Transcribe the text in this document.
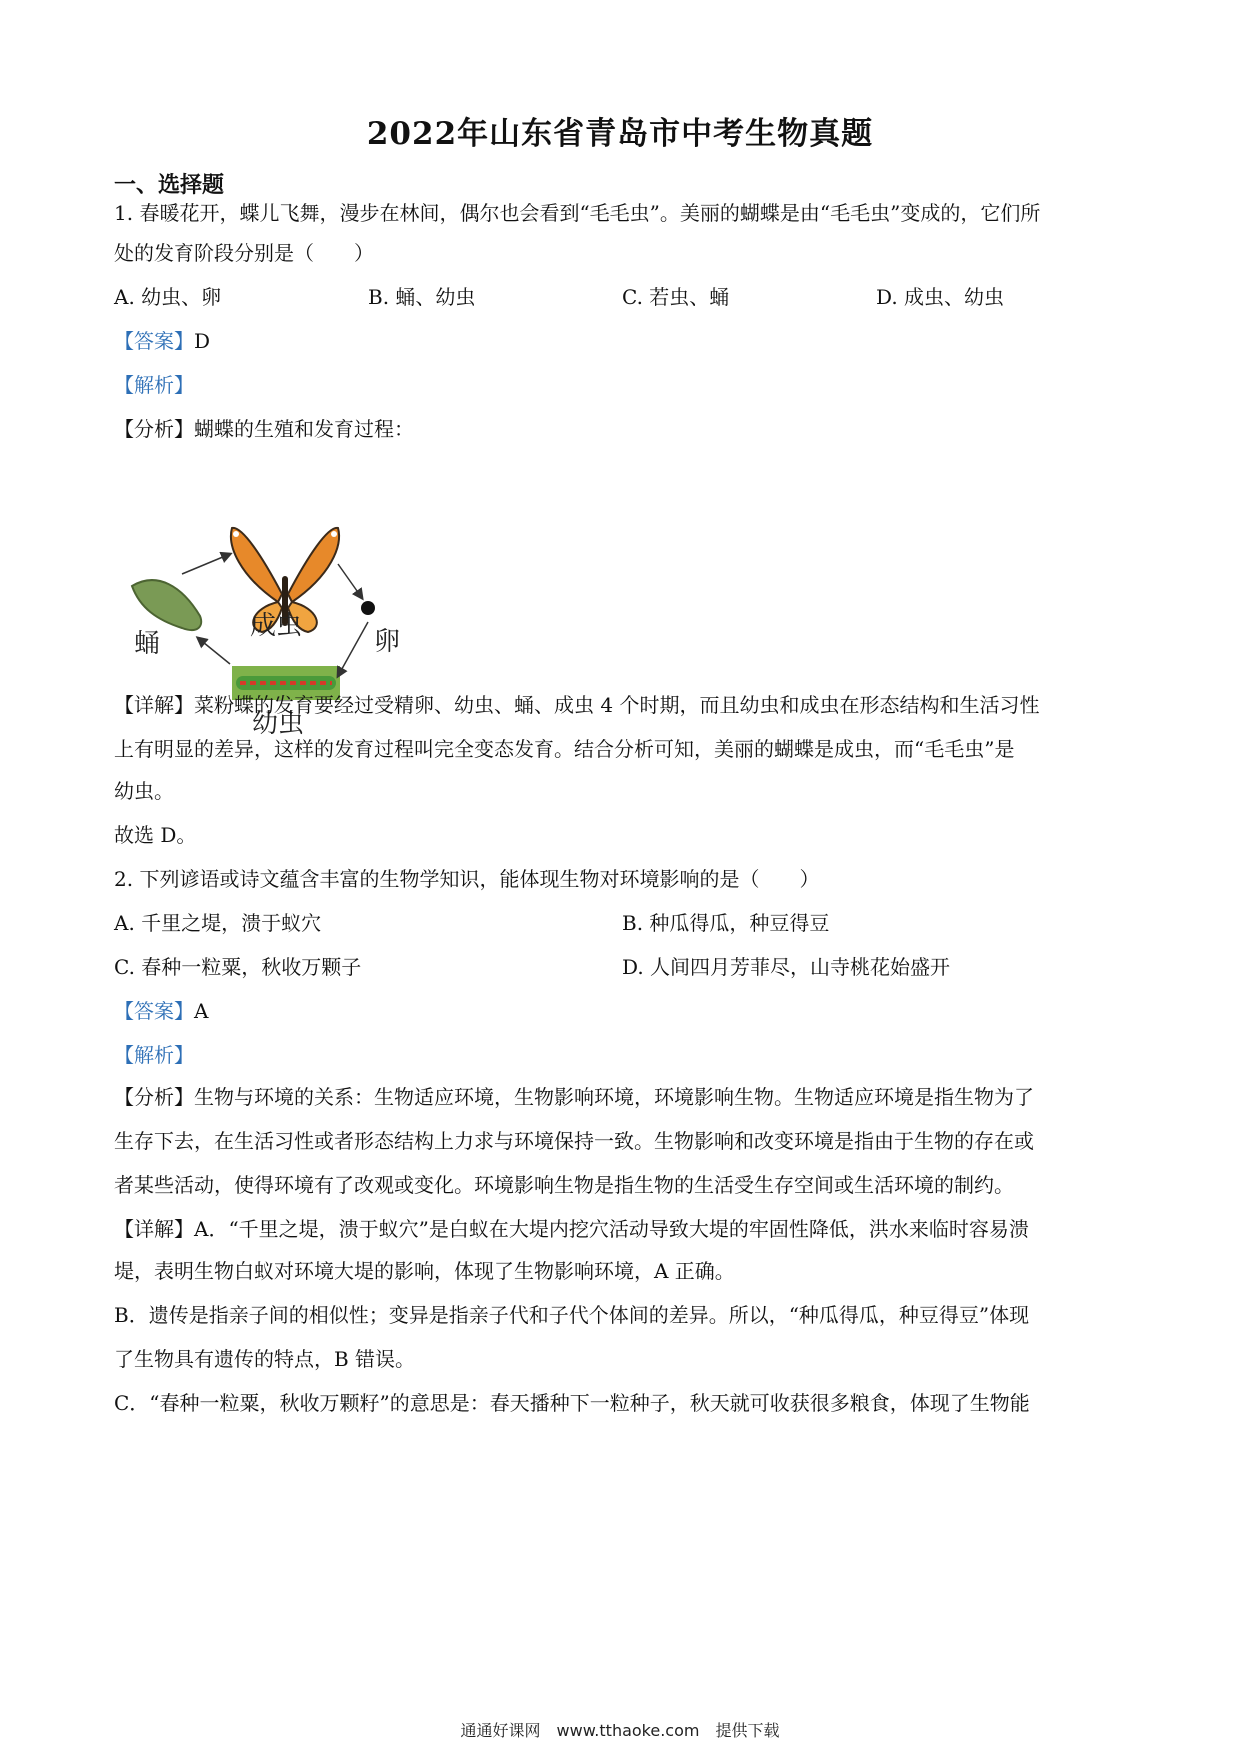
2022年山东省青岛市中考生物真题
一、选择题
1. 春暖花开，蝶儿飞舞，漫步在林间，偶尔也会看到“毛毛虫”。美丽的蝴蝶是由“毛毛虫”变成的，它们所
处的发育阶段分别是（　　）
A. 幼虫、卵	B. 蛹、幼虫	C. 若虫、蛹	D. 成虫、幼虫
【答案】D
【解析】
【分析】蝴蝶的生殖和发育过程：
成虫
卵
幼虫
蛹
【详解】菜粉蝶的发育要经过受精卵、幼虫、蛹、成虫 4 个时期，而且幼虫和成虫在形态结构和生活习性
上有明显的差异，这样的发育过程叫完全变态发育。结合分析可知，美丽的蝴蝶是成虫，而“毛毛虫”是
幼虫。
故选 D。
2. 下列谚语或诗文蕴含丰富的生物学知识，能体现生物对环境影响的是（　　）
A. 千里之堤，溃于蚁穴	B. 种瓜得瓜，种豆得豆
C. 春种一粒粟，秋收万颗子	D. 人间四月芳菲尽，山寺桃花始盛开
【答案】A
【解析】
【分析】生物与环境的关系：生物适应环境，生物影响环境，环境影响生物。生物适应环境是指生物为了
生存下去，在生活习性或者形态结构上力求与环境保持一致。生物影响和改变环境是指由于生物的存在或
者某些活动，使得环境有了改观或变化。环境影响生物是指生物的生活受生存空间或生活环境的制约。
【详解】A．“千里之堤，溃于蚁穴”是白蚁在大堤内挖穴活动导致大堤的牢固性降低，洪水来临时容易溃
堤，表明生物白蚁对环境大堤的影响，体现了生物影响环境，A 正确。
B．遗传是指亲子间的相似性；变异是指亲子代和子代个体间的差异。所以，“种瓜得瓜，种豆得豆”体现
了生物具有遗传的特点，B 错误。
C．“春种一粒粟，秋收万颗籽”的意思是：春天播种下一粒种子，秋天就可收获很多粮食，体现了生物能
通通好课网　www.tthaoke.com　提供下载
